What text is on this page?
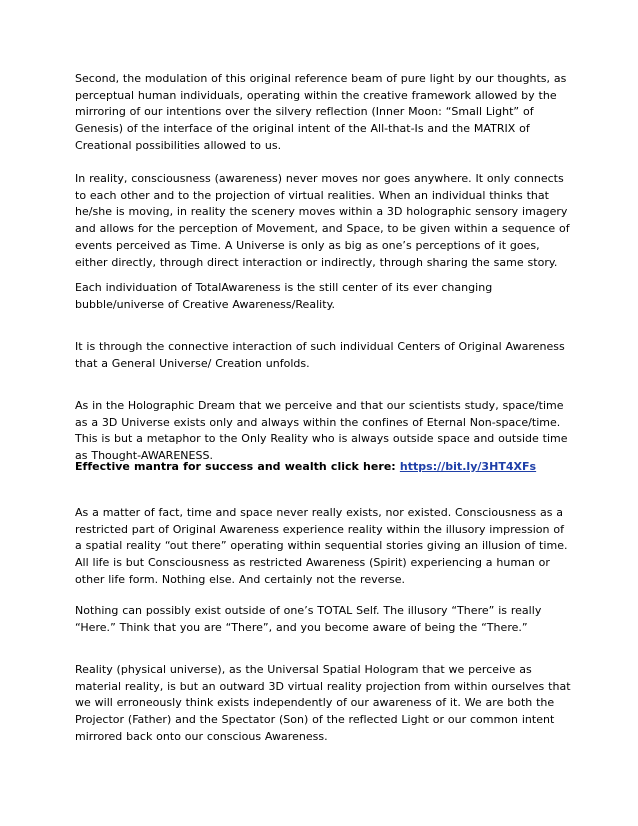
Second, the modulation of this original reference beam of pure light by our thoughts, as perceptual human individuals, operating within the creative framework allowed by the mirroring of our intentions over the silvery reflection (Inner Moon: “Small Light” of Genesis) of the interface of the original intent of the All-that-Is and the MATRIX of Creational possibilities allowed to us.

In reality, consciousness (awareness) never moves nor goes anywhere. It only connects to each other and to the projection of virtual realities. When an individual thinks that he/she is moving, in reality the scenery moves within a 3D holographic sensory imagery and allows for the perception of Movement, and Space, to be given within a sequence of events perceived as Time. A Universe is only as big as one’s perceptions of it goes, either directly, through direct interaction or indirectly, through sharing the same story.

Each individuation of TotalAwareness is the still center of its ever changing bubble/universe of Creative Awareness/Reality.

It is through the connective interaction of such individual Centers of Original Awareness that a General Universe/ Creation unfolds.

As in the Holographic Dream that we perceive and that our scientists study, space/time as a 3D Universe exists only and always within the confines of Eternal Non-space/time. This is but a metaphor to the Only Reality who is always outside space and outside time as Thought-AWARENESS.

Effective mantra for success and wealth click here: https://bit.ly/3HT4XFs

As a matter of fact, time and space never really exists, nor existed. Consciousness as a restricted part of Original Awareness experience reality within the illusory impression of a spatial reality “out there” operating within sequential stories giving an illusion of time. All life is but Consciousness as restricted Awareness (Spirit) experiencing a human or other life form. Nothing else. And certainly not the reverse.

Nothing can possibly exist outside of one’s TOTAL Self. The illusory “There” is really “Here.” Think that you are “There”, and you become aware of being the “There.”

Reality (physical universe), as the Universal Spatial Hologram that we perceive as material reality, is but an outward 3D virtual reality projection from within ourselves that we will erroneously think exists independently of our awareness of it. We are both the Projector (Father) and the Spectator (Son) of the reflected Light or our common intent mirrored back onto our conscious Awareness.
